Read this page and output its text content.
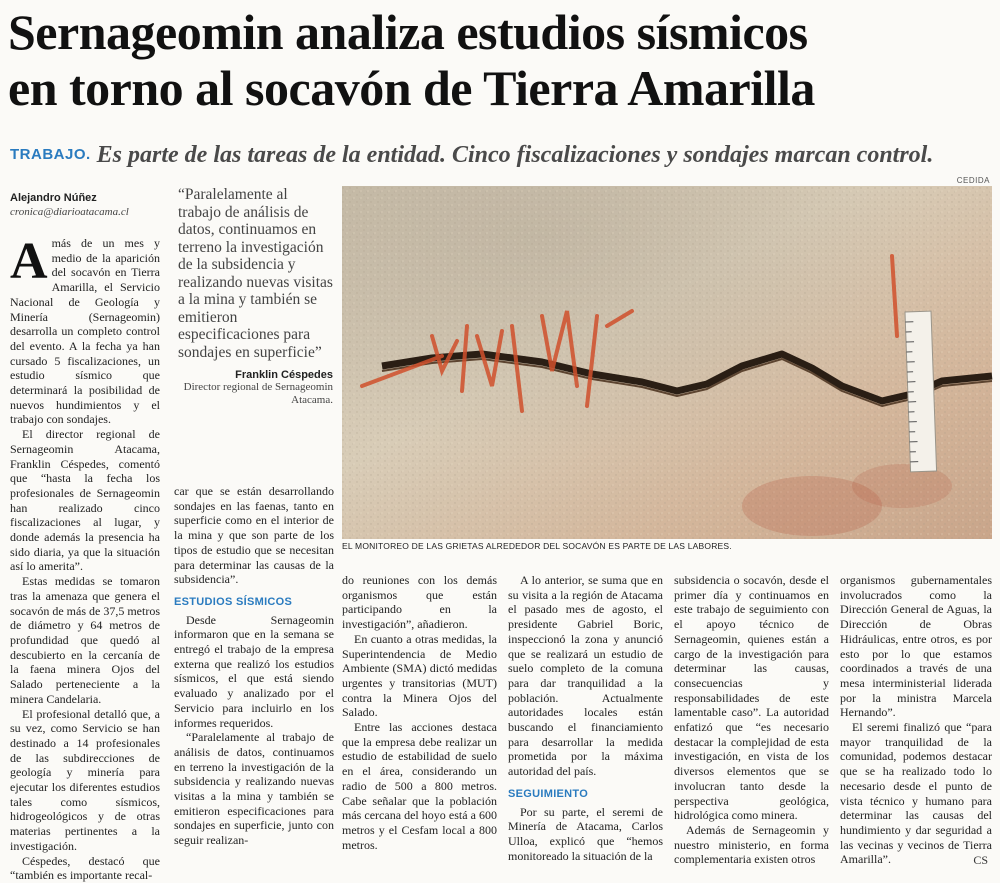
Sernageomin analiza estudios sísmicos
en torno al socavón de Tierra Amarilla
TRABAJO. Es parte de las tareas de la entidad. Cinco fiscalizaciones y sondajes marcan control.
Alejandro Núñez
cronica@diarioatacama.cl
“Paralelamente al trabajo de análisis de datos, continuamos en terreno la investigación de la subsidencia y realizando nuevas visitas a la mina y también se emitieron especificaciones para sondajes en superficie”
Franklin Céspedes
Director regional de Sernageomin Atacama.
CEDIDA
EL MONITOREO DE LAS GRIETAS ALREDEDOR DEL SOCAVÓN ES PARTE DE LAS LABORES.

Amás de un mes y medio de la aparición del socavón en Tierra Amarilla, el Servicio Nacional de Geología y Minería (Sernageomin) desarrolla un completo control del evento. A la fecha ya han cursado 5 fiscalizaciones, un estudio sísmico que determinará la posibilidad de nuevos hundimientos y el trabajo con sondajes.

El director regional de Sernageomin Atacama, Franklin Céspedes, comentó que “hasta la fecha los profesionales de Sernageomin han realizado cinco fiscalizaciones al lugar, y donde además la presencia ha sido diaria, ya que la situación así lo amerita”.

Estas medidas se tomaron tras la amenaza que genera el socavón de más de 37,5 metros de diámetro y 64 metros de profundidad que quedó al descubierto en la cercanía de la faena minera Ojos del Salado perteneciente a la minera Candelaria.

El profesional detalló que, a su vez, como Servicio se han destinado a 14 profesionales de las subdirecciones de geología y minería para ejecutar los diferentes estudios tales como sísmicos, hidrogeológicos y de otras materias pertinentes a la investigación.

Céspedes, destacó que “también es importante recal-

car que se están desarrollando sondajes en las faenas, tanto en superficie como en el interior de la mina y que son parte de los tipos de estudio que se necesitan para determinar las causas de la subsidencia”.

ESTUDIOS SÍSMICOS

Desde Sernageomin informaron que en la semana se entregó el trabajo de la empresa externa que realizó los estudios sísmicos, el que está siendo evaluado y analizado por el Servicio para incluirlo en los informes requeridos.

“Paralelamente al trabajo de análisis de datos, continuamos en terreno la investigación de la subsidencia y realizando nuevas visitas a la mina y también se emitieron especificaciones para sondajes en superficie, junto con seguir realizan-

do reuniones con los demás organismos que están participando en la investigación”, añadieron.

En cuanto a otras medidas, la Superintendencia de Medio Ambiente (SMA) dictó medidas urgentes y transitorias (MUT) contra la Minera Ojos del Salado.

Entre las acciones destaca que la empresa debe realizar un estudio de estabilidad de suelo en el área, considerando un radio de 500 a 800 metros. Cabe señalar que la población más cercana del hoyo está a 600 metros y el Cesfam local a 800 metros.

A lo anterior, se suma que en su visita a la región de Atacama el pasado mes de agosto, el presidente Gabriel Boric, inspeccionó la zona y anunció que se realizará un estudio de suelo completo de la comuna para dar tranquilidad a la población. Actualmente autoridades locales están buscando el financiamiento para desarrollar la medida prometida por la máxima autoridad del país.

SEGUIMIENTO

Por su parte, el seremi de Minería de Atacama, Carlos Ulloa, explicó que “hemos monitoreado la situación de la

subsidencia o socavón, desde el primer día y continuamos en este trabajo de seguimiento con el apoyo técnico de Sernageomin, quienes están a cargo de la investigación para determinar las causas, consecuencias y responsabilidades de este lamentable caso”. La autoridad enfatizó que “es necesario destacar la complejidad de esta investigación, en vista de los diversos elementos que se involucran tanto desde la perspectiva geológica, hidrológica como minera.

Además de Sernageomin y nuestro ministerio, en forma complementaria existen otros

organismos gubernamentales involucrados como la Dirección General de Aguas, la Dirección de Obras Hidráulicas, entre otros, es por esto por lo que estamos coordinados a través de una mesa interministerial liderada por la ministra Marcela Hernando”.

El seremi finalizó que “para mayor tranquilidad de la comunidad, podemos destacar que se ha realizado todo lo necesario desde el punto de vista técnico y humano para determinar las causas del hundimiento y dar seguridad a las vecinas y vecinos de Tierra Amarilla”.	CS
